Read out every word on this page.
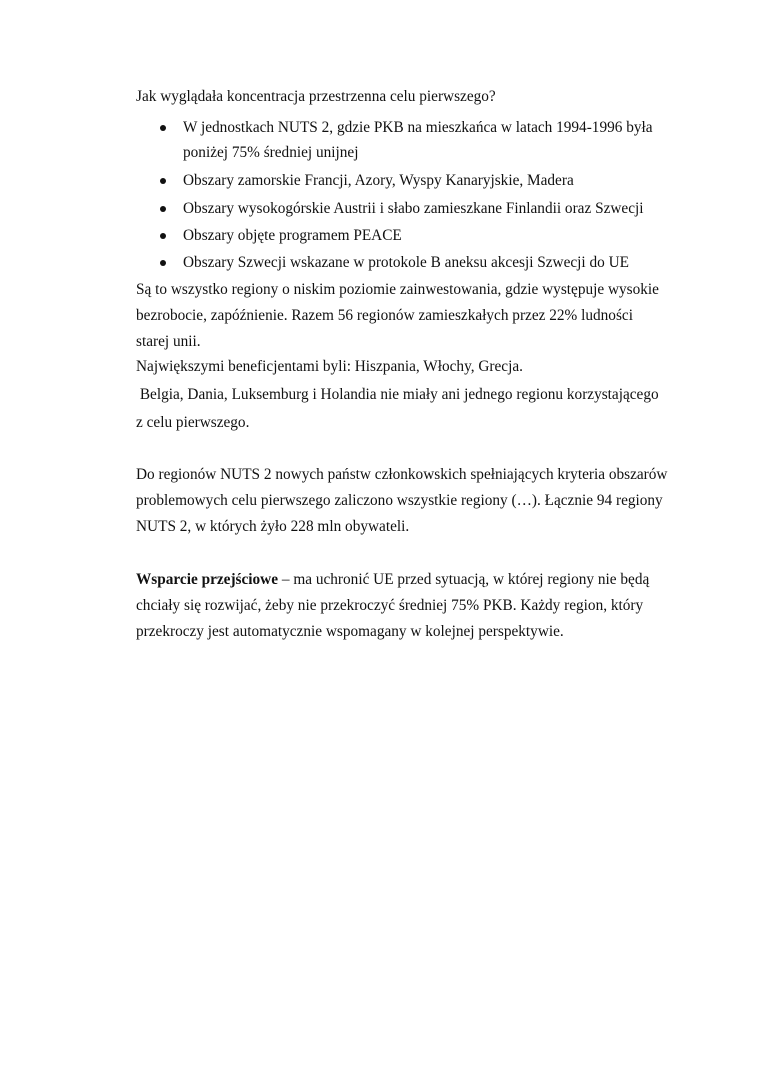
Jak wyglądała koncentracja przestrzenna celu pierwszego?
W jednostkach NUTS 2, gdzie PKB na mieszkańca w latach 1994-1996 była
poniżej 75% średniej unijnej
Obszary zamorskie Francji, Azory, Wyspy Kanaryjskie, Madera
Obszary wysokogórskie Austrii i słabo zamieszkane Finlandii oraz Szwecji
Obszary objęte programem PEACE
Obszary Szwecji wskazane w protokole B aneksu akcesji Szwecji do UE
Są to wszystko regiony o niskim poziomie zainwestowania, gdzie występuje wysokie
bezrobocie, zapóźnienie. Razem 56 regionów zamieszkałych przez 22% ludności
starej unii.
Największymi beneficjentami byli: Hiszpania, Włochy, Grecja.
Belgia, Dania, Luksemburg i Holandia nie miały ani jednego regionu korzystającego
z celu pierwszego.
Do regionów NUTS 2 nowych państw członkowskich spełniających kryteria obszarów
problemowych celu pierwszego zaliczono wszystkie regiony (…). Łącznie 94 regiony
NUTS 2, w których żyło 228 mln obywateli.
Wsparcie przejściowe – ma uchronić UE przed sytuacją, w której regiony nie będą
chciały się rozwijać, żeby nie przekroczyć średniej 75% PKB. Każdy region, który
przekroczy jest automatycznie wspomagany w kolejnej perspektywie.
